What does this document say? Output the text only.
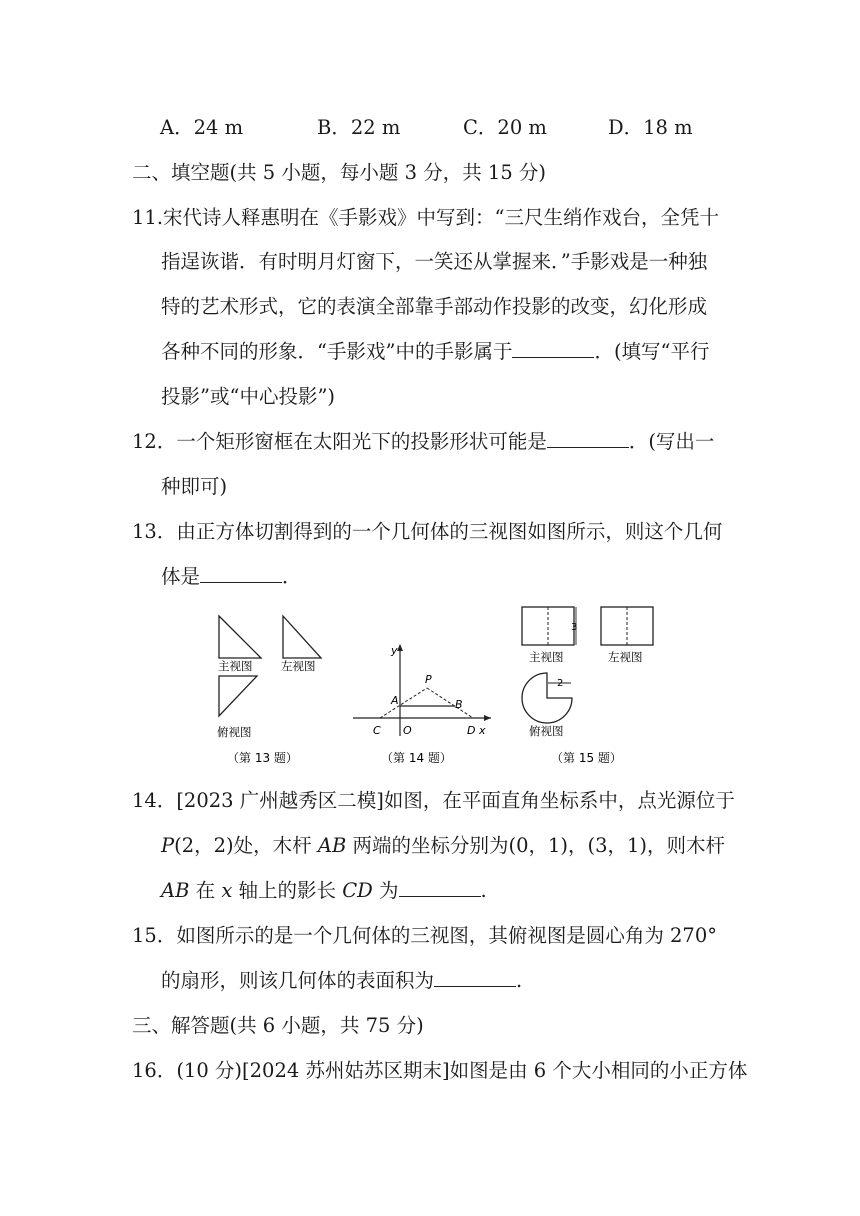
A．24 m	B．22 m	C．20 m	D．18 m
二、填空题(共 5 小题，每小题 3 分，共 15 分)
11.宋代诗人释惠明在《手影戏》中写到：“三尺生绡作戏台，全凭十
指逞诙谐．有时明月灯窗下，一笑还从掌握来．”手影戏是一种独
特的艺术形式，它的表演全部靠手部动作投影的改变，幻化形成
各种不同的形象．“手影戏”中的手影属于	．(填写“平行
投影”或“中心投影”)
12．一个矩形窗框在太阳光下的投影形状可能是	．(写出一
种即可)
13．由正方体切割得到的一个几何体的三视图如图所示，则这个几何
体是	．
主视图 左视图
俯视图
（第 13 题）
y
P
A	B
C O	D x
（第 14 题）
3
主视图	左视图
2
俯视图
（第 15 题）
14．[2023 广州越秀区二模]如图，在平面直角坐标系中，点光源位于
P(2，2)处，木杆 AB 两端的坐标分别为(0，1)，(3，1)，则木杆
AB 在 x 轴上的影长 CD 为	.
15．如图所示的是一个几何体的三视图，其俯视图是圆心角为 270°
的扇形，则该几何体的表面积为	.
三、解答题(共 6 小题，共 75 分)
16．(10 分)[2024 苏州姑苏区期末]如图是由 6 个大小相同的小正方体
